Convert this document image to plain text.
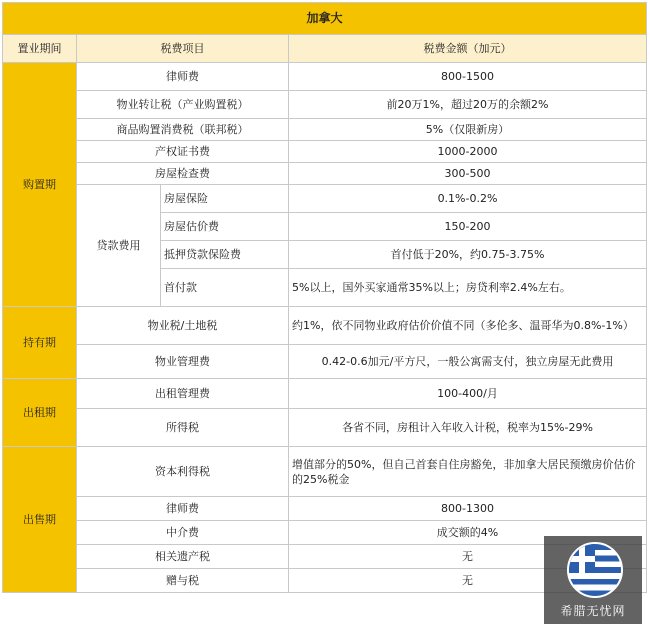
加拿大			
置业期间	税费项目		税费金额（加元）
购置期	律师费		800-1500
	物业转让税（产业购置税）		前20万1%，超过20万的余额2%
	商品购置消费税（联邦税）		5%（仅限新房）
	产权证书费		1000-2000
	房屋检查费		300-500
	贷款费用	房屋保险	0.1%-0.2%
		房屋估价费	150-200
		抵押贷款保险费	首付低于20%，约0.75-3.75%
		首付款	5%以上，国外买家通常35%以上；房贷利率2.4%左右。
持有期	物业税/土地税		约1%，依不同物业政府估价价值不同（多伦多、温哥华为0.8%-1%）
	物业管理费		0.42-0.6加元/平方尺，一般公寓需支付，独立房屋无此费用
出租期	出租管理费		100-400/月
	所得税		各省不同，房租计入年收入计税，税率为15%-29%
出售期	资本利得税		增值部分的50%，但自己首套自住房豁免，非加拿大居民预缴房价估价的25%税金
	律师费		800-1300
	中介费		成交额的4%
	相关遗产税		无
	赠与税		无
希腊无忧网
